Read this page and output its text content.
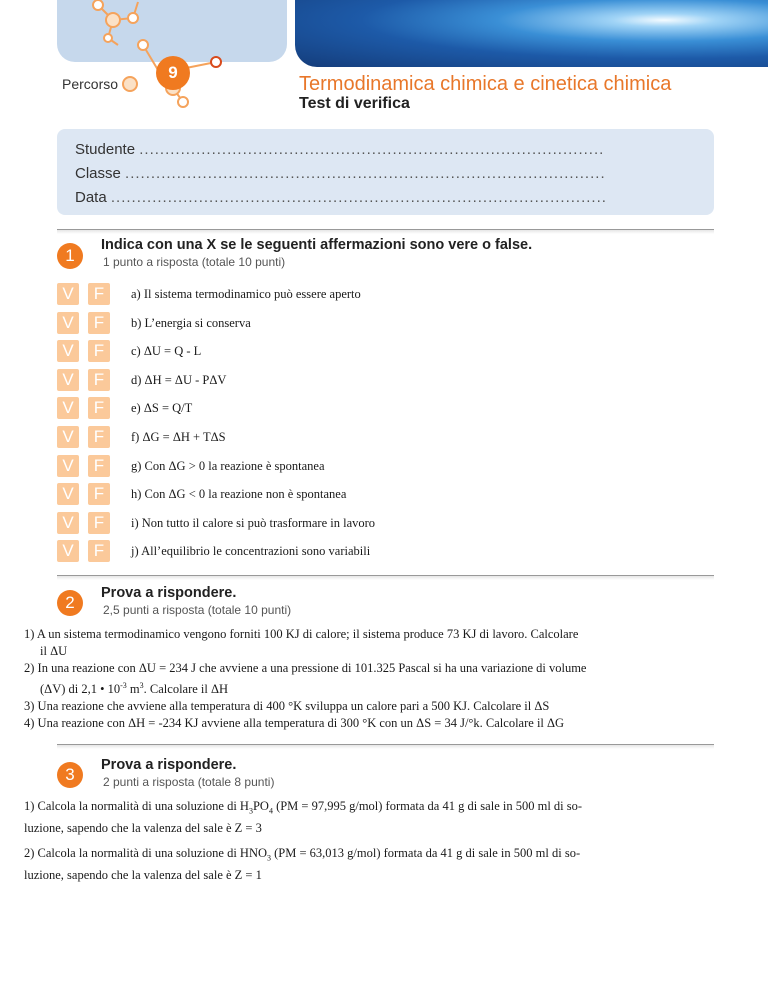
Percorso
9
Termodinamica chimica e cinetica chimica
Test di verifica
Studente ..........................................................................................
Classe .............................................................................................
Data ................................................................................................
1
Indica con una X se le seguenti affermazioni sono vere o false.
1 punto a risposta (totale 10 punti)
V	F	a) Il sistema termodinamico può essere aperto
V	F	b) L’energia si conserva
V	F	c) ΔU = Q - L
V	F	d) ΔH = ΔU - PΔV
V	F	e) ΔS = Q/T
V	F	f) ΔG = ΔH + TΔS
V	F	g) Con ΔG > 0 la reazione è spontanea
V	F	h) Con ΔG < 0 la reazione non è spontanea
V	F	i) Non tutto il calore si può trasformare in lavoro
V	F	j) All’equilibrio le concentrazioni sono variabili
2	Prova a rispondere.
2,5 punti a risposta (totale 10 punti)
1) A un sistema termodinamico vengono forniti 100 KJ di calore; il sistema produce 73 KJ di lavoro. Calcolare
il ΔU
2) In una reazione con ΔU = 234 J che avviene a una pressione di 101.325 Pascal si ha una variazione di volume
(ΔV) di 2,1 • $10^{-3}$ $m^3$. Calcolare il ΔH
3) Una reazione che avviene alla temperatura di 400 °K sviluppa un calore pari a 500 KJ. Calcolare il ΔS
4) Una reazione con ΔH = -234 KJ avviene alla temperatura di 300 °K con un ΔS = 34 J/°k. Calcolare il ΔG
3	Prova a rispondere.
2 punti a risposta (totale 8 punti)
1) Calcola la normalità di una soluzione di $H_3PO_4$ (PM = 97,995 g/mol) formata da 41 g di sale in 500 ml di so-
luzione, sapendo che la valenza del sale è Z = 3
2) Calcola la normalità di una soluzione di $HNO_3$ (PM = 63,013 g/mol) formata da 41 g di sale in 500 ml di so-
luzione, sapendo che la valenza del sale è Z = 1
